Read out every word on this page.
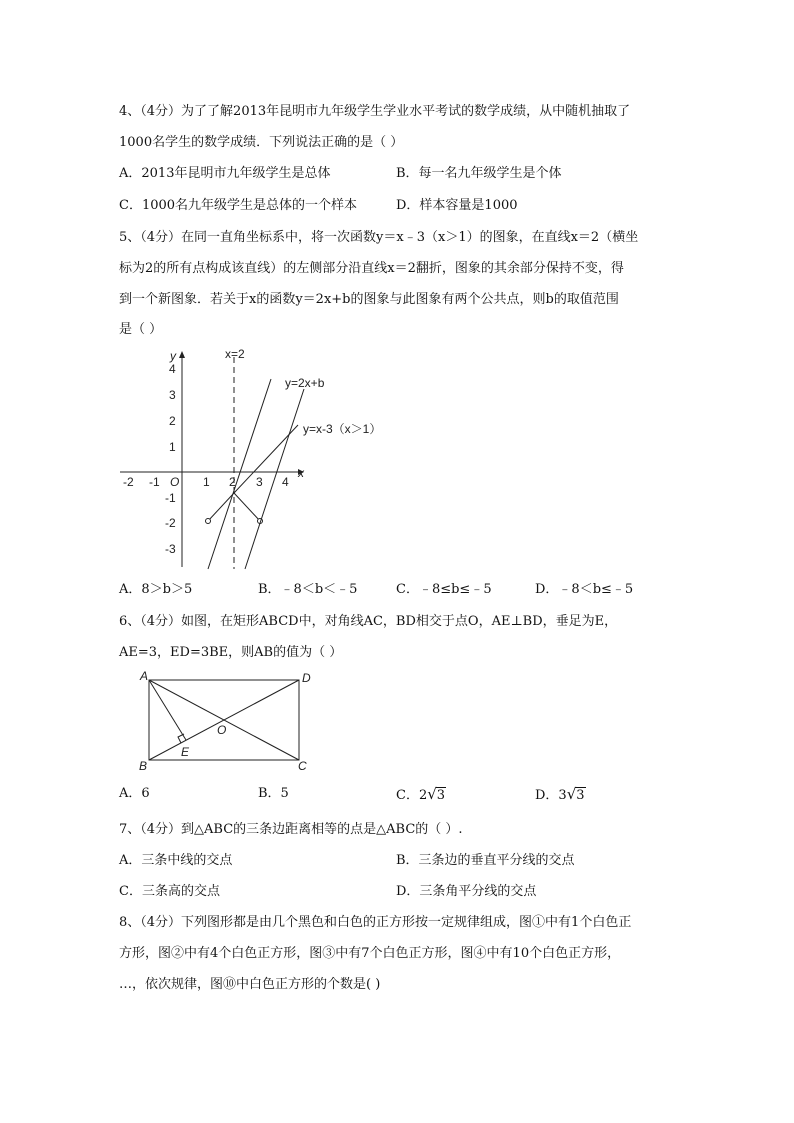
4、（4分）为了了解2013年昆明市九年级学生学业水平考试的数学成绩，从中随机抽取了
1000名学生的数学成绩．下列说法正确的是（ ）
A．2013年昆明市九年级学生是总体	B．每一名九年级学生是个体
C．1000名九年级学生是总体的一个样本	D．样本容量是1000
5、（4分）在同一直角坐标系中，将一次函数y＝x﹣3（x＞1）的图象，在直线x＝2（横坐
标为2的所有点构成该直线）的左侧部分沿直线x＝2翻折，图象的其余部分保持不变，得
到一个新图象．若关于x的函数y＝2x+b的图象与此图象有两个公共点，则b的取值范围
是（ ）
x
y
O
-2 -1	1 2 3 4
4
3
2
1
-1
-2
-3
x=2
y=x-3（x＞1）
y=2x+b
A．8＞b＞5	B．﹣8＜b＜﹣5	C．﹣8≤b≤﹣5	D．﹣8＜b≤﹣5
6、（4分）如图，在矩形ABCD中，对角线AC，BD相交于点O，AE⊥BD，垂足为E，
AE=3，ED=3BE，则AB的值为（ ）
A	D
B	C
E
O
A．6	B．5	C．2√3	D．3√3
7、（4分）到△ABC的三条边距离相等的点是△ABC的（ ）.
A．三条中线的交点	B．三条边的垂直平分线的交点
C．三条高的交点	D．三条角平分线的交点
8、（4分）下列图形都是由几个黑色和白色的正方形按一定规律组成，图①中有1个白色正
方形，图②中有4个白色正方形，图③中有7个白色正方形，图④中有10个白色正方形，
…，依次规律，图⑩中白色正方形的个数是( )
